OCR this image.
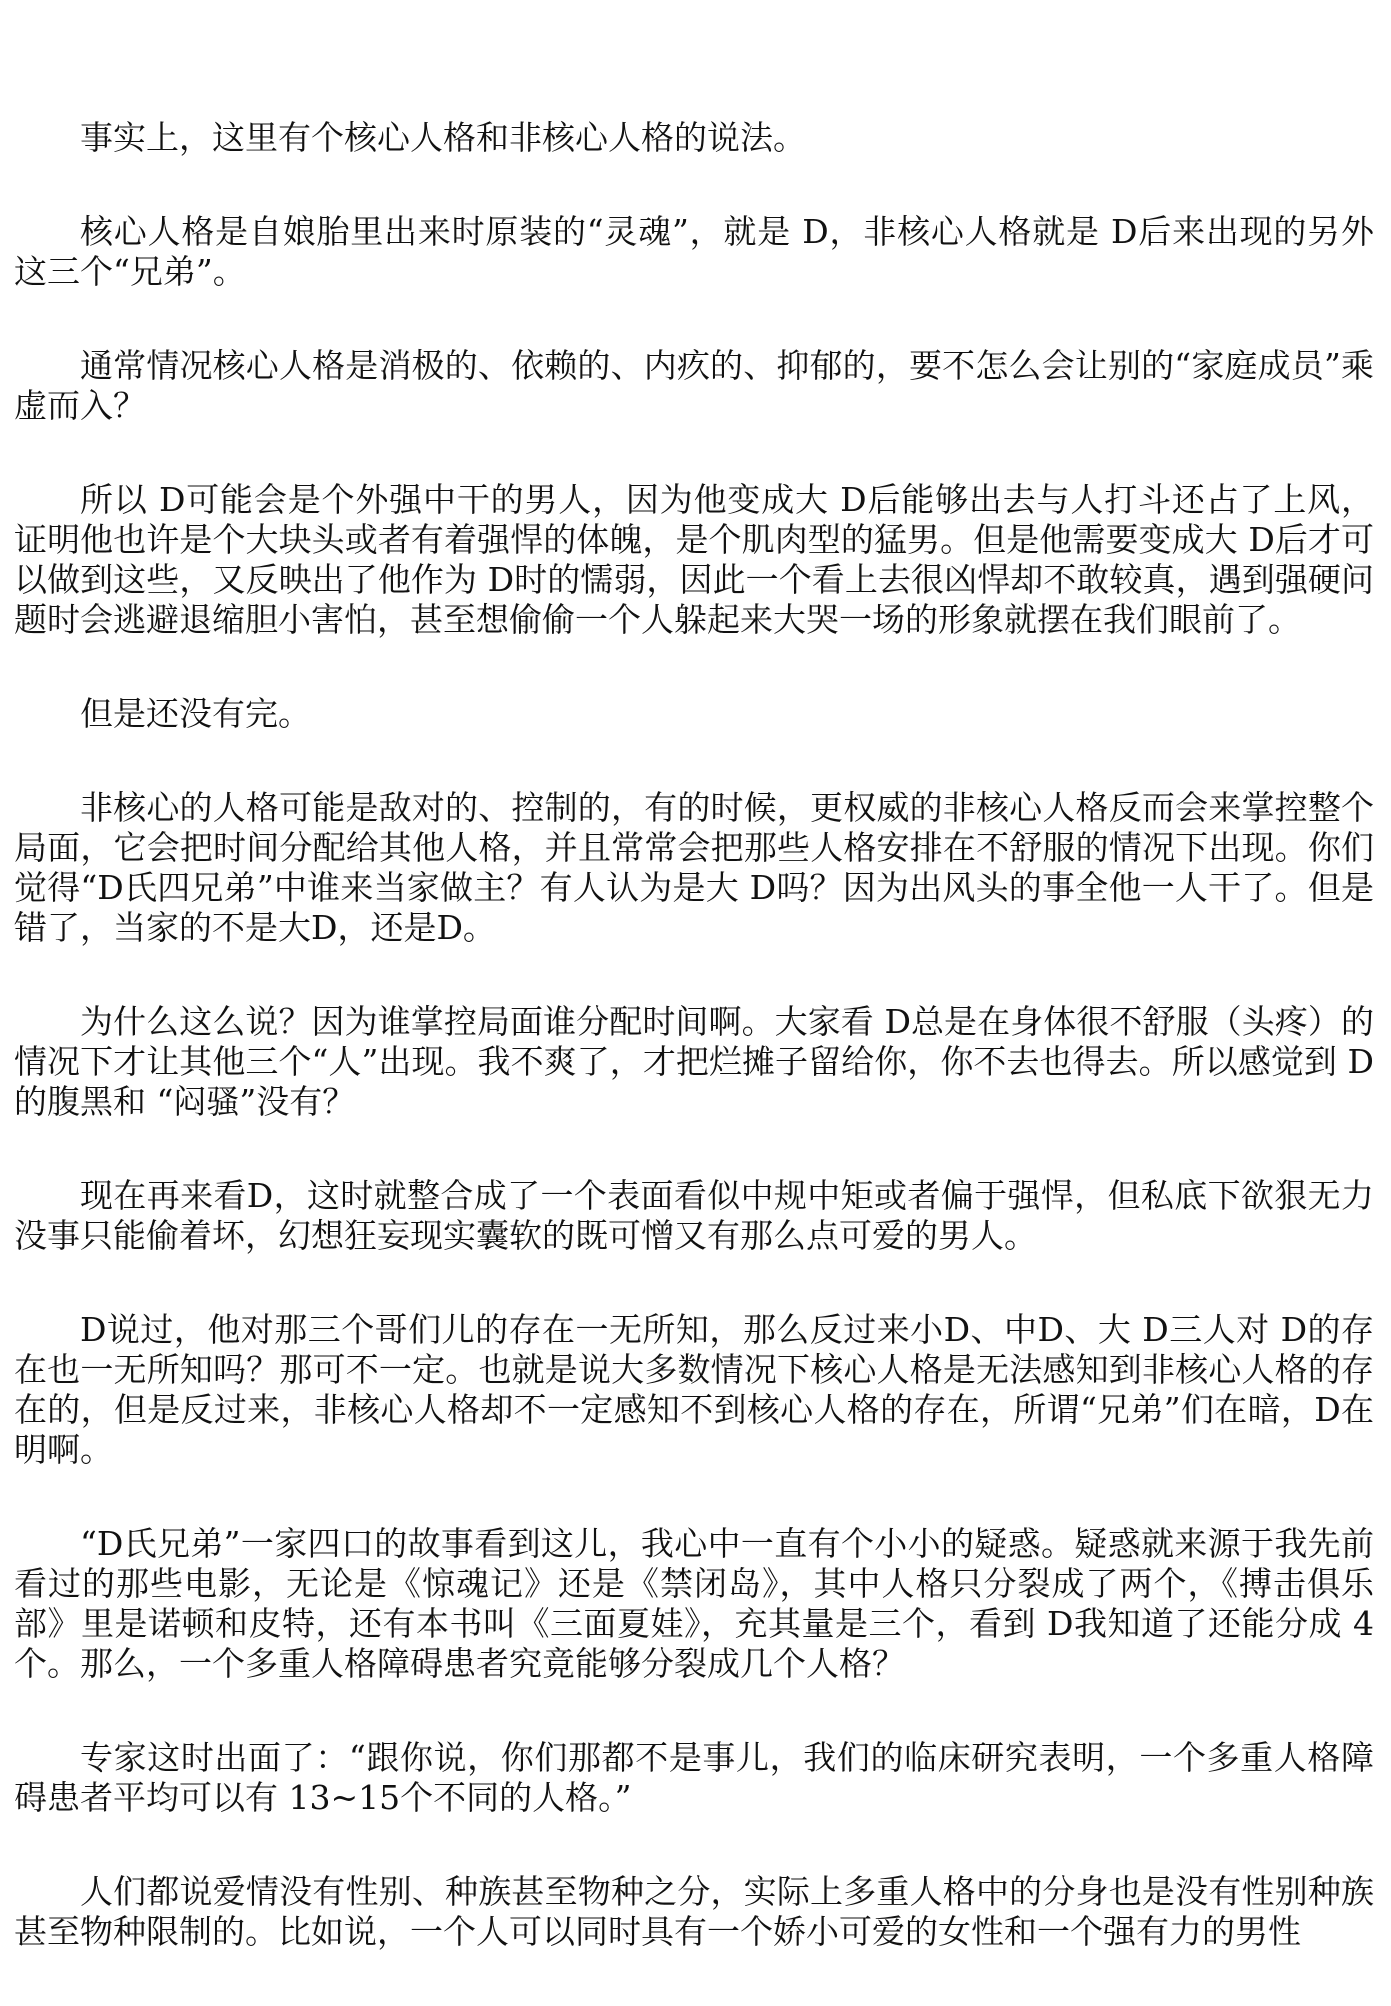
事实上，这里有个核心人格和非核心人格的说法。

核心人格是自娘胎里出来时原装的“灵魂”，就是 D，非核心人格就是 D后来出现的另外这三个“兄弟”。

通常情况核心人格是消极的、依赖的、内疚的、抑郁的，要不怎么会让别的“家庭成员”乘虚而入？

所以 D可能会是个外强中干的男人，因为他变成大 D后能够出去与人打斗还占了上风，证明他也许是个大块头或者有着强悍的体魄，是个肌肉型的猛男。但是他需要变成大 D后才可以做到这些，又反映出了他作为 D时的懦弱，因此一个看上去很凶悍却不敢较真，遇到强硬问题时会逃避退缩胆小害怕，甚至想偷偷一个人躲起来大哭一场的形象就摆在我们眼前了。

但是还没有完。

非核心的人格可能是敌对的、控制的，有的时候，更权威的非核心人格反而会来掌控整个局面，它会把时间分配给其他人格，并且常常会把那些人格安排在不舒服的情况下出现。你们觉得“D氏四兄弟”中谁来当家做主？有人认为是大 D吗？因为出风头的事全他一人干了。但是错了，当家的不是大D，还是D。

为什么这么说？因为谁掌控局面谁分配时间啊。大家看 D总是在身体很不舒服（头疼）的情况下才让其他三个“人”出现。我不爽了，才把烂摊子留给你，你不去也得去。所以感觉到 D的腹黑和 “闷骚”没有？

现在再来看D，这时就整合成了一个表面看似中规中矩或者偏于强悍，但私底下欲狠无力没事只能偷着坏，幻想狂妄现实囊软的既可憎又有那么点可爱的男人。

D说过，他对那三个哥们儿的存在一无所知，那么反过来小D、中D、大 D三人对 D的存在也一无所知吗？那可不一定。也就是说大多数情况下核心人格是无法感知到非核心人格的存在的，但是反过来，非核心人格却不一定感知不到核心人格的存在，所谓“兄弟”们在暗，D在明啊。

“D氏兄弟”一家四口的故事看到这儿，我心中一直有个小小的疑惑。疑惑就来源于我先前看过的那些电影，无论是《惊魂记》还是《禁闭岛》，其中人格只分裂成了两个，《搏击俱乐部》里是诺顿和皮特，还有本书叫《三面夏娃》，充其量是三个，看到 D我知道了还能分成 4个。那么，一个多重人格障碍患者究竟能够分裂成几个人格？

专家这时出面了：“跟你说，你们那都不是事儿，我们的临床研究表明，一个多重人格障碍患者平均可以有 13~15个不同的人格。”

人们都说爱情没有性别、种族甚至物种之分，实际上多重人格中的分身也是没有性别种族甚至物种限制的。比如说，一个人可以同时具有一个娇小可爱的女性和一个强有力的男性
